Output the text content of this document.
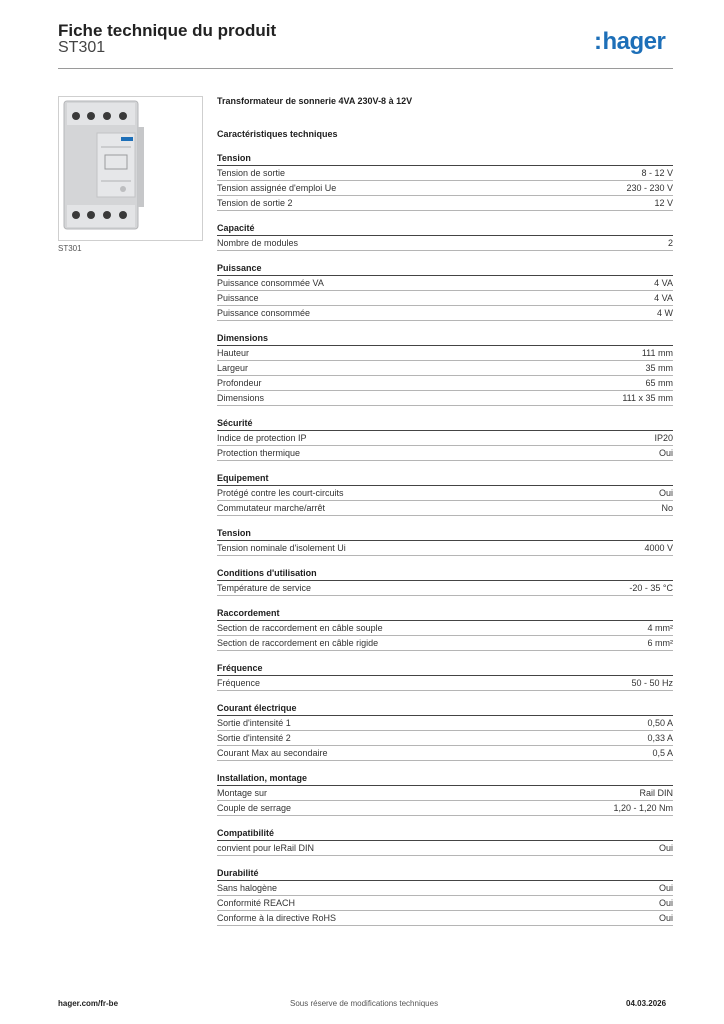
Fiche technique du produit
ST301	:hager
ST301
Transformateur de sonnerie 4VA 230V-8 à 12V
Caractéristiques techniques
Tension
Tension de sortie	8 - 12 V
Tension assignée d'emploi Ue	230 - 230 V
Tension de sortie 2	12 V
Capacité
Nombre de modules	2
Puissance
Puissance consommée VA	4 VA
Puissance	4 VA
Puissance consommée	4 W
Dimensions
Hauteur	111 mm
Largeur	35 mm
Profondeur	65 mm
Dimensions	111 x 35 mm
Sécurité
Indice de protection IP	IP20
Protection thermique	Oui
Equipement
Protégé contre les court-circuits	Oui
Commutateur marche/arrêt	No
Tension
Tension nominale d'isolement Ui	4000 V
Conditions d'utilisation
Température de service	-20 - 35 °C
Raccordement
Section de raccordement en câble souple	4 mm²
Section de raccordement en câble rigide	6 mm²
Fréquence
Fréquence	50 - 50 Hz
Courant électrique
Sortie d'intensité 1	0,50 A
Sortie d'intensité 2	0,33 A
Courant Max au secondaire	0,5 A
Installation, montage
Montage sur	Rail DIN
Couple de serrage	1,20 - 1,20 Nm
Compatibilité
convient pour leRail DIN	Oui
Durabilité
Sans halogène	Oui
Conformité REACH	Oui
Conforme à la directive RoHS	Oui
hager.com/fr-be	Sous réserve de modifications techniques	04.03.2026
